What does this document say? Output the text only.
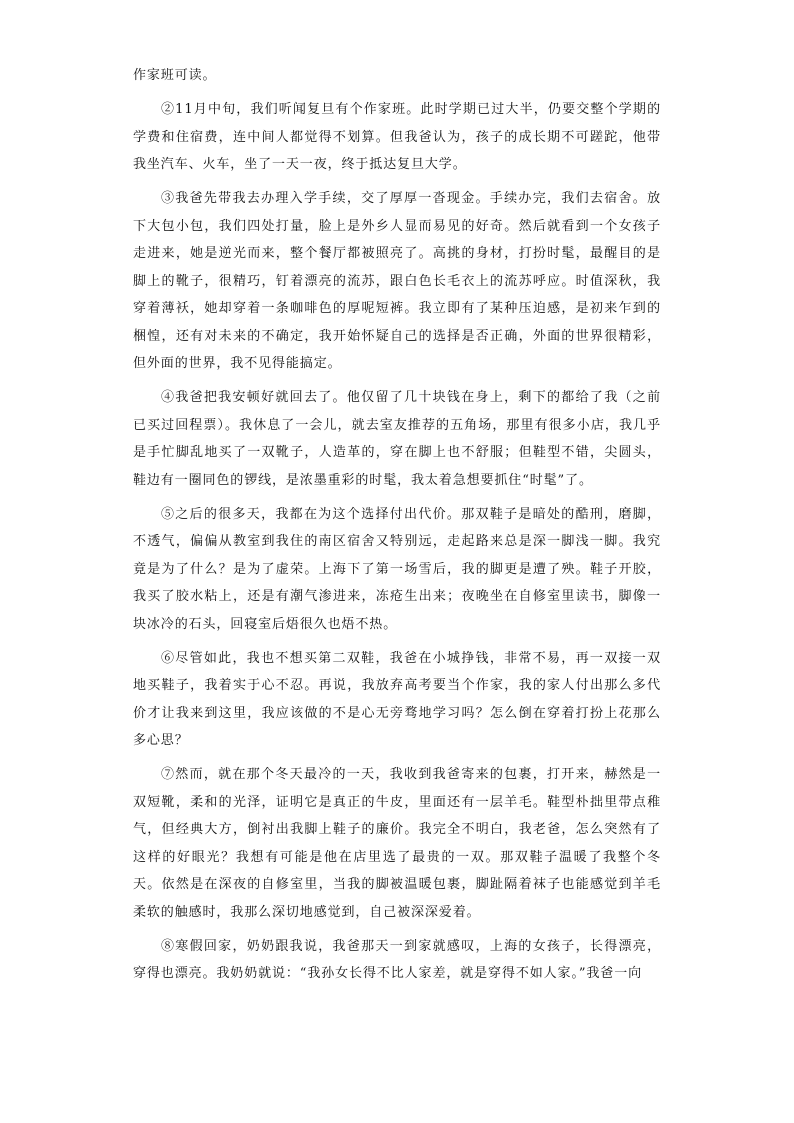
作家班可读。

②11月中旬，我们听闻复旦有个作家班。此时学期已过大半，仍要交整个学期的学费和住宿费，连中间人都觉得不划算。但我爸认为，孩子的成长期不可蹉跎，他带我坐汽车、火车，坐了一天一夜，终于抵达复旦大学。

③我爸先带我去办理入学手续，交了厚厚一沓现金。手续办完，我们去宿舍。放下大包小包，我们四处打量，脸上是外乡人显而易见的好奇。然后就看到一个女孩子走进来，她是逆光而来，整个餐厅都被照亮了。高挑的身材，打扮时髦，最醒目的是脚上的靴子，很精巧，钉着漂亮的流苏，跟白色长毛衣上的流苏呼应。时值深秋，我穿着薄袄，她却穿着一条咖啡色的厚呢短裤。我立即有了某种压迫感，是初来乍到的梱惶，还有对未来的不确定，我开始怀疑自己的选择是否正确，外面的世界很精彩，但外面的世界，我不见得能搞定。

④我爸把我安顿好就回去了。他仅留了几十块钱在身上，剩下的都给了我（之前已买过回程票）。我休息了一会儿，就去室友推荐的五角场，那里有很多小店，我几乎是手忙脚乱地买了一双靴子，人造革的，穿在脚上也不舒服；但鞋型不错，尖圆头，鞋边有一圈同色的锣线，是浓墨重彩的时髦，我太着急想要抓住“时髦”了。

⑤之后的很多天，我都在为这个选择付出代价。那双鞋子是暗处的酷刑，磨脚，不透气，偏偏从教室到我住的南区宿舍又特别远，走起路来总是深一脚浅一脚。我究竟是为了什么？是为了虚荣。上海下了第一场雪后，我的脚更是遭了殃。鞋子开胶，我买了胶水粘上，还是有潮气渗进来，冻疮生出来；夜晚坐在自修室里读书，脚像一块冰冷的石头，回寝室后焐很久也焐不热。

⑥尽管如此，我也不想买第二双鞋，我爸在小城挣钱，非常不易，再一双接一双地买鞋子，我着实于心不忍。再说，我放弃高考要当个作家，我的家人付出那么多代价才让我来到这里，我应该做的不是心无旁骛地学习吗？怎么倒在穿着打扮上花那么多心思？

⑦然而，就在那个冬天最冷的一天，我收到我爸寄来的包裹，打开来，赫然是一双短靴，柔和的光泽，证明它是真正的牛皮，里面还有一层羊毛。鞋型朴拙里带点稚气，但经典大方，倒衬出我脚上鞋子的廉价。我完全不明白，我老爸，怎么突然有了这样的好眼光？我想有可能是他在店里选了最贵的一双。那双鞋子温暖了我整个冬天。依然是在深夜的自修室里，当我的脚被温暖包裹，脚趾隔着袜子也能感觉到羊毛柔软的触感时，我那么深切地感觉到，自己被深深爱着。

⑧寒假回家，奶奶跟我说，我爸那天一到家就感叹，上海的女孩子，长得漂亮，穿得也漂亮。我奶奶就说：“我孙女长得不比人家差，就是穿得不如人家。”我爸一向
